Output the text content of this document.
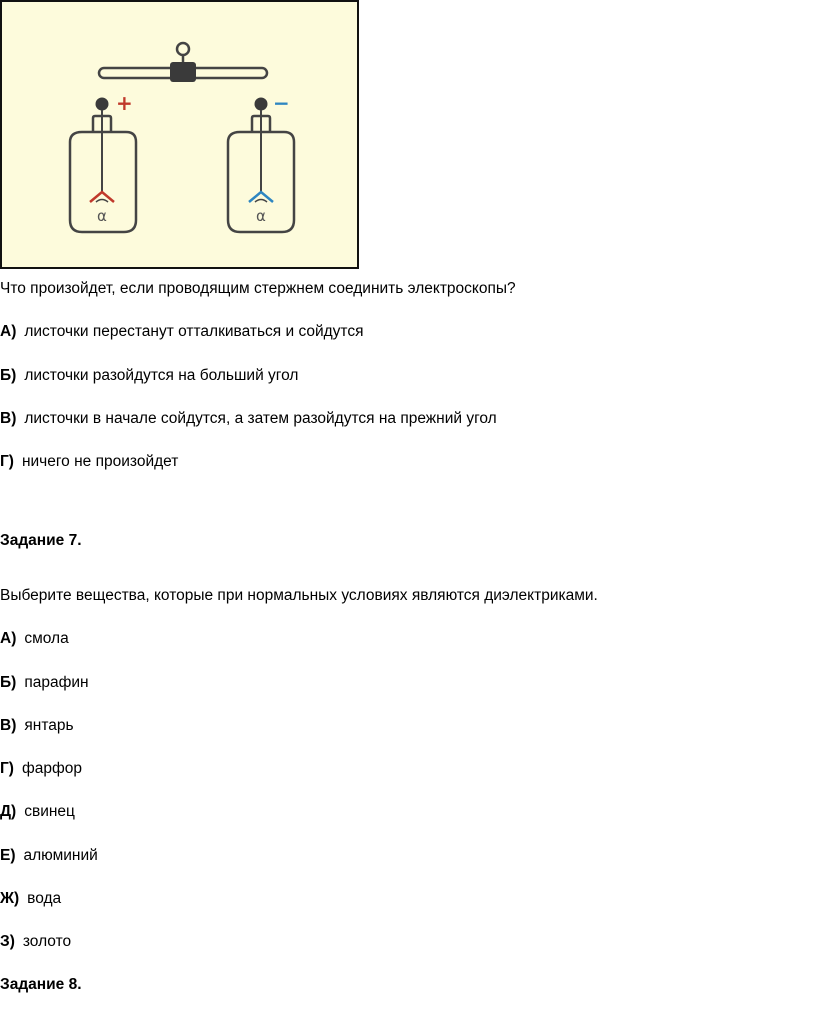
+
α
−
α
Что произойдет, если проводящим стержнем соединить электроскопы?
А) листочки перестанут отталкиваться и сойдутся
Б) листочки разойдутся на больший угол
В) листочки в начале сойдутся, а затем разойдутся на прежний угол
Г) ничего не произойдет
Задание 7.
Выберите вещества, которые при нормальных условиях являются диэлектриками.
А) смола
Б) парафин
В) янтарь
Г) фарфор
Д) свинец
Е) алюминий
Ж) вода
З) золото
Задание 8.
